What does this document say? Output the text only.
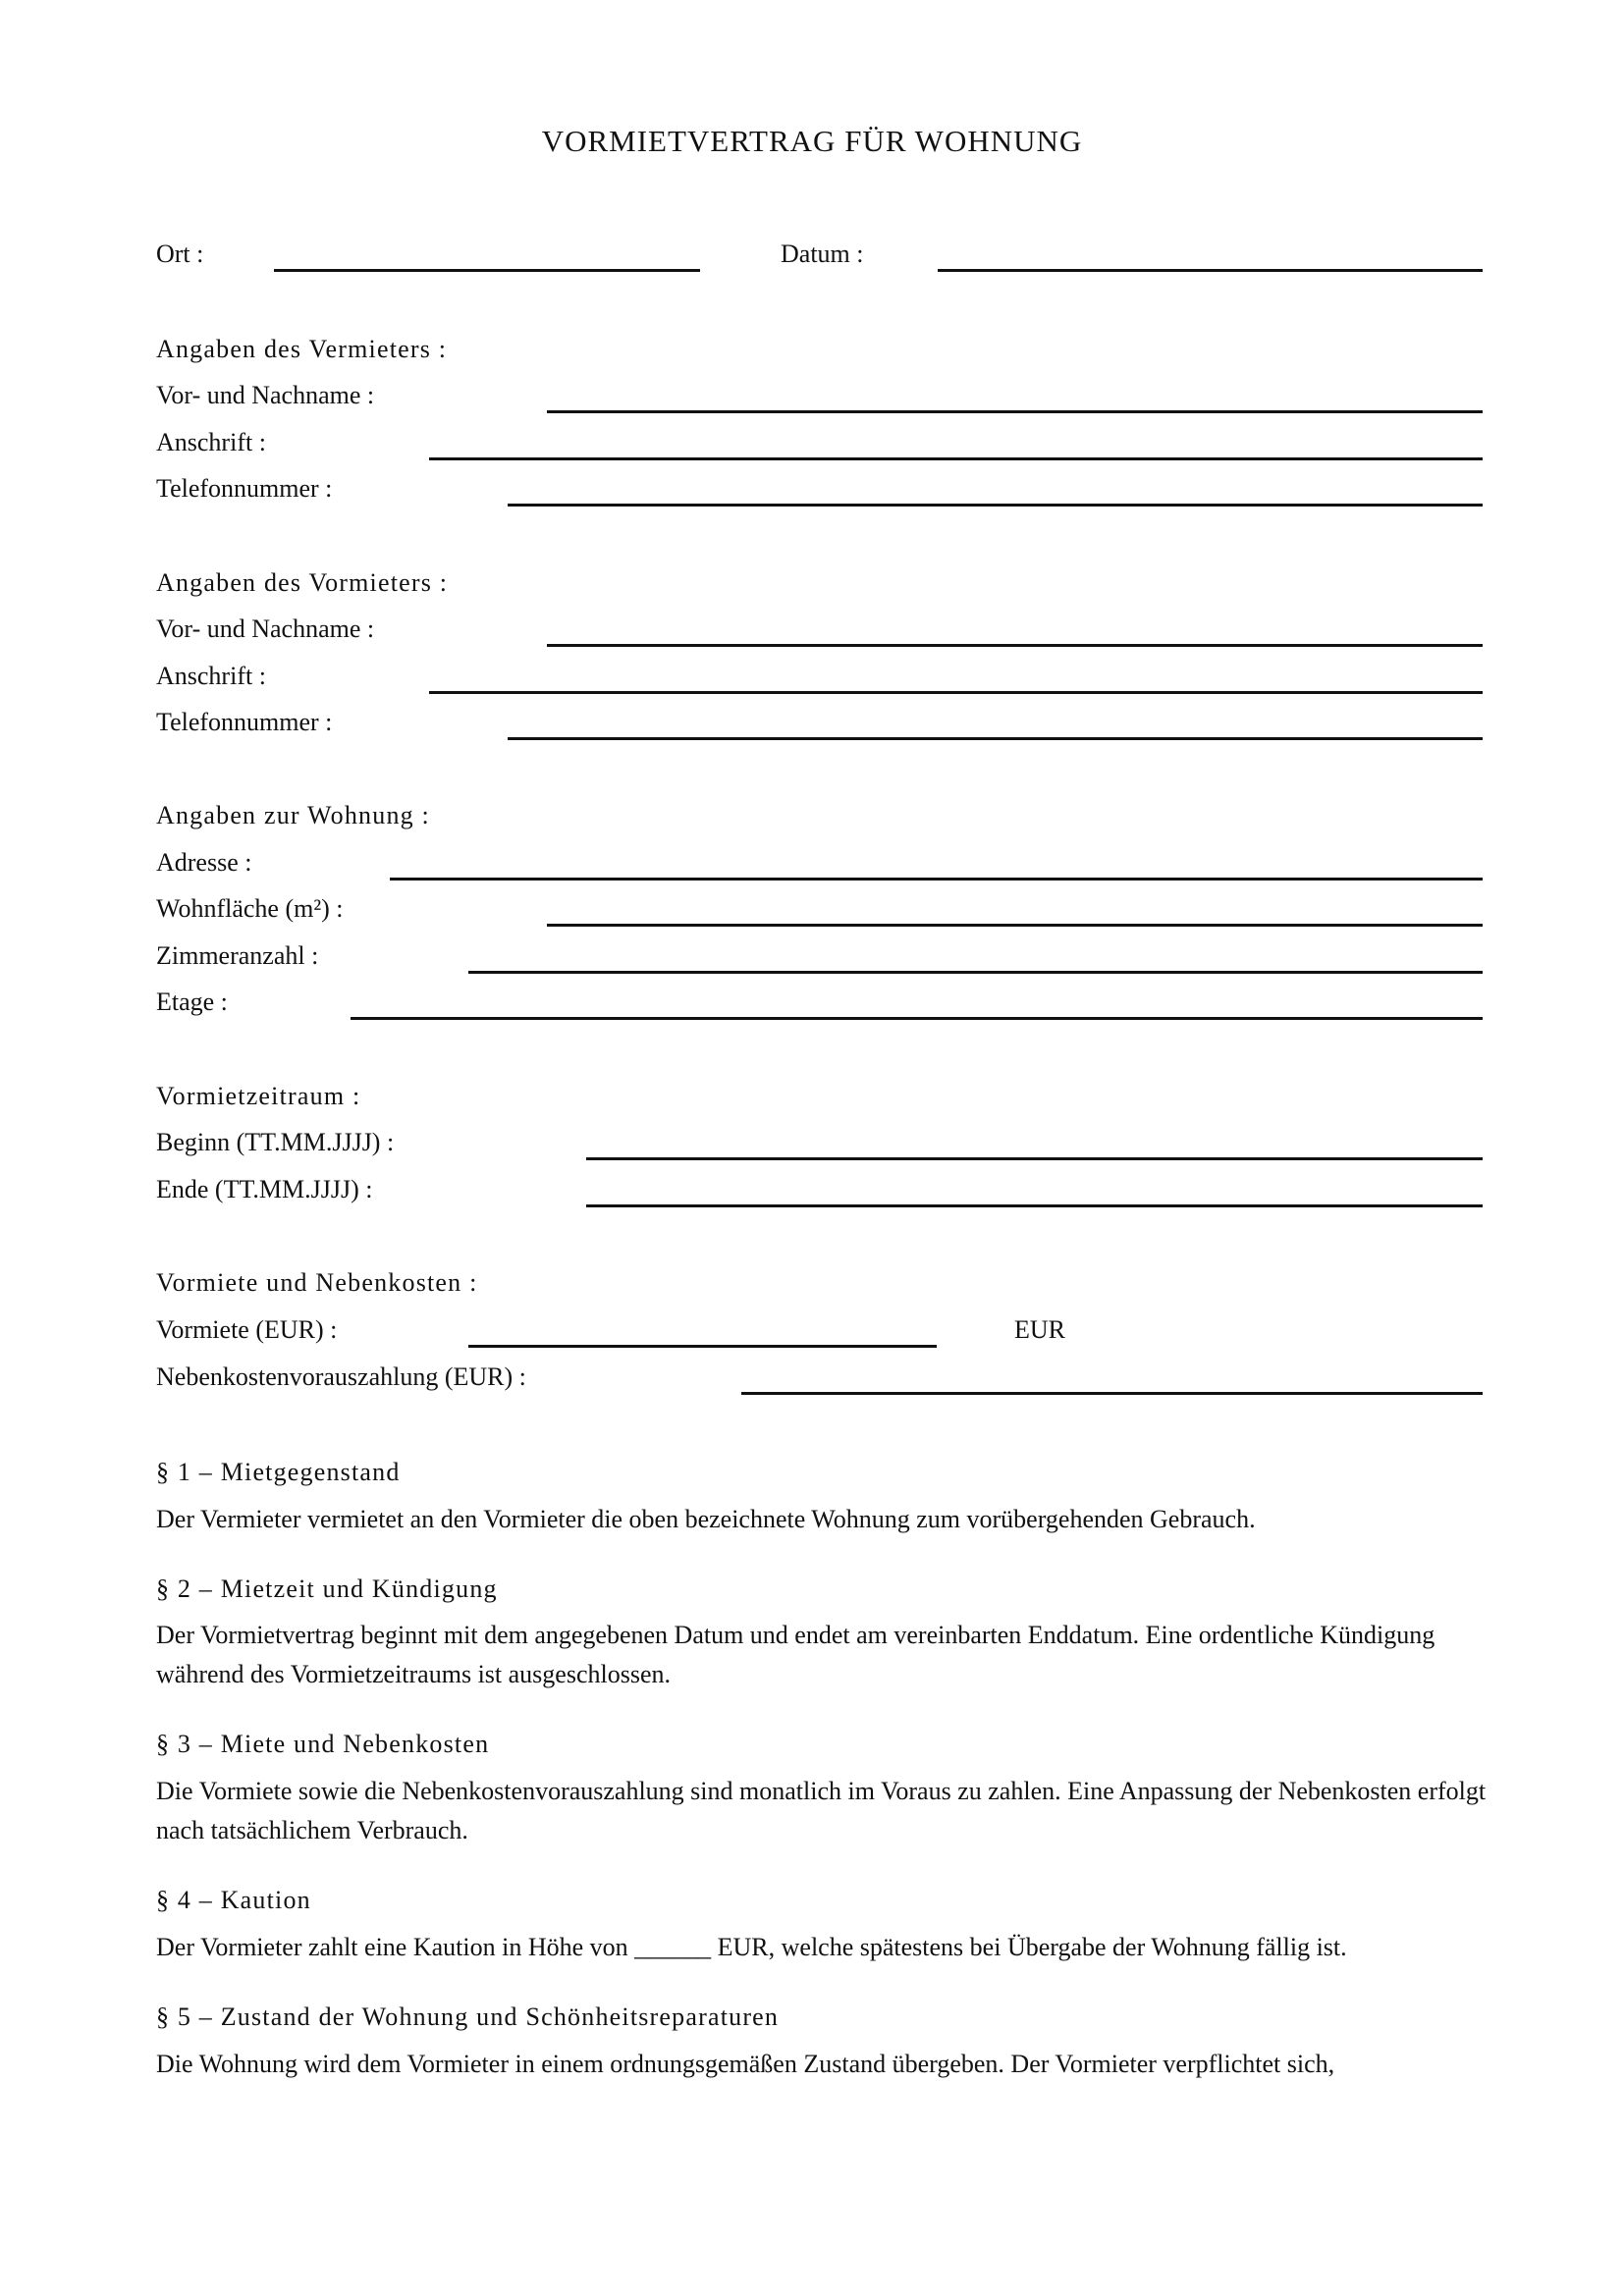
VORMIETVERTRAG FÜR WOHNUNG
Ort :	Datum :
Angaben des Vermieters :
Vor- und Nachname :
Anschrift :
Telefonnummer :
Angaben des Vormieters :
Vor- und Nachname :
Anschrift :
Telefonnummer :
Angaben zur Wohnung :
Adresse :
Wohnfläche (m²) :
Zimmeranzahl :
Etage :
Vormietzeitraum :
Beginn (TT.MM.JJJJ) :
Ende (TT.MM.JJJJ) :
Vormiete und Nebenkosten :
Vormiete (EUR) :	EUR
Nebenkostenvorauszahlung (EUR) :
§ 1 – Mietgegenstand
Der Vermieter vermietet an den Vormieter die oben bezeichnete Wohnung zum vorübergehenden Gebrauch.
§ 2 – Mietzeit und Kündigung
Der Vormietvertrag beginnt mit dem angegebenen Datum und endet am vereinbarten Enddatum. Eine ordentliche Kündigung während des Vormietzeitraums ist ausgeschlossen.
§ 3 – Miete und Nebenkosten
Die Vormiete sowie die Nebenkostenvorauszahlung sind monatlich im Voraus zu zahlen. Eine Anpassung der Nebenkosten erfolgt nach tatsächlichem Verbrauch.
§ 4 – Kaution
Der Vormieter zahlt eine Kaution in Höhe von ______ EUR, welche spätestens bei Übergabe der Wohnung fällig ist.
§ 5 – Zustand der Wohnung und Schönheitsreparaturen
Die Wohnung wird dem Vormieter in einem ordnungsgemäßen Zustand übergeben. Der Vormieter verpflichtet sich,
